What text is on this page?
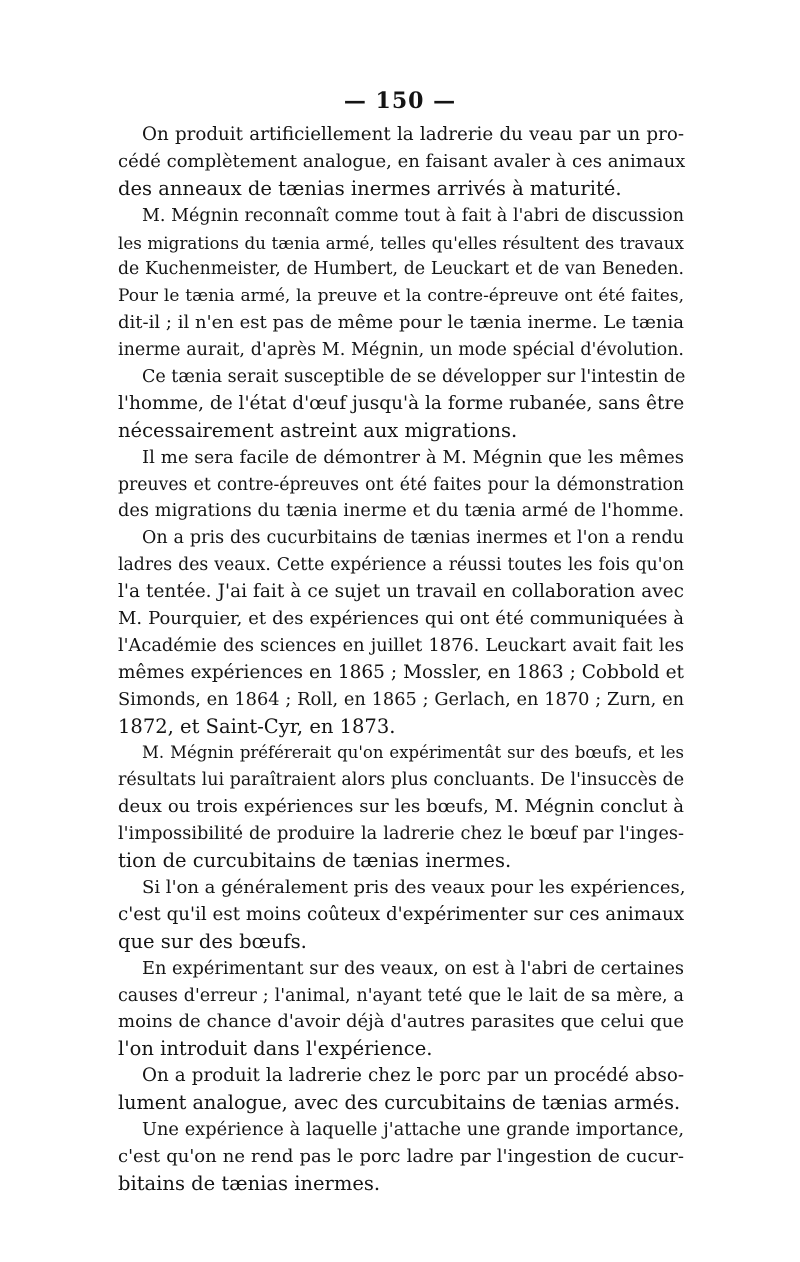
— 150 —
On produit artificiellement la ladrerie du veau par un pro-
cédé complètement analogue, en faisant avaler à ces animaux
des anneaux de tænias inermes arrivés à maturité.
M. Mégnin reconnaît comme tout à fait à l'abri de discussion
les migrations du tænia armé, telles qu'elles résultent des travaux
de Kuchenmeister, de Humbert, de Leuckart et de van Beneden.
Pour le tænia armé, la preuve et la contre-épreuve ont été faites,
dit-il ; il n'en est pas de même pour le tænia inerme. Le tænia
inerme aurait, d'après M. Mégnin, un mode spécial d'évolution.
Ce tænia serait susceptible de se développer sur l'intestin de
l'homme, de l'état d'œuf jusqu'à la forme rubanée, sans être
nécessairement astreint aux migrations.
Il me sera facile de démontrer à M. Mégnin que les mêmes
preuves et contre-épreuves ont été faites pour la démonstration
des migrations du tænia inerme et du tænia armé de l'homme.
On a pris des cucurbitains de tænias inermes et l'on a rendu
ladres des veaux. Cette expérience a réussi toutes les fois qu'on
l'a tentée. J'ai fait à ce sujet un travail en collaboration avec
M. Pourquier, et des expériences qui ont été communiquées à
l'Académie des sciences en juillet 1876. Leuckart avait fait les
mêmes expériences en 1865 ; Mossler, en 1863 ; Cobbold et
Simonds, en 1864 ; Roll, en 1865 ; Gerlach, en 1870 ; Zurn, en
1872, et Saint-Cyr, en 1873.
M. Mégnin préférerait qu'on expérimentât sur des bœufs, et les
résultats lui paraîtraient alors plus concluants. De l'insuccès de
deux ou trois expériences sur les bœufs, M. Mégnin conclut à
l'impossibilité de produire la ladrerie chez le bœuf par l'inges-
tion de curcubitains de tænias inermes.
Si l'on a généralement pris des veaux pour les expériences,
c'est qu'il est moins coûteux d'expérimenter sur ces animaux
que sur des bœufs.
En expérimentant sur des veaux, on est à l'abri de certaines
causes d'erreur ; l'animal, n'ayant teté que le lait de sa mère, a
moins de chance d'avoir déjà d'autres parasites que celui que
l'on introduit dans l'expérience.
On a produit la ladrerie chez le porc par un procédé abso-
lument analogue, avec des curcubitains de tænias armés.
Une expérience à laquelle j'attache une grande importance,
c'est qu'on ne rend pas le porc ladre par l'ingestion de cucur-
bitains de tænias inermes.
